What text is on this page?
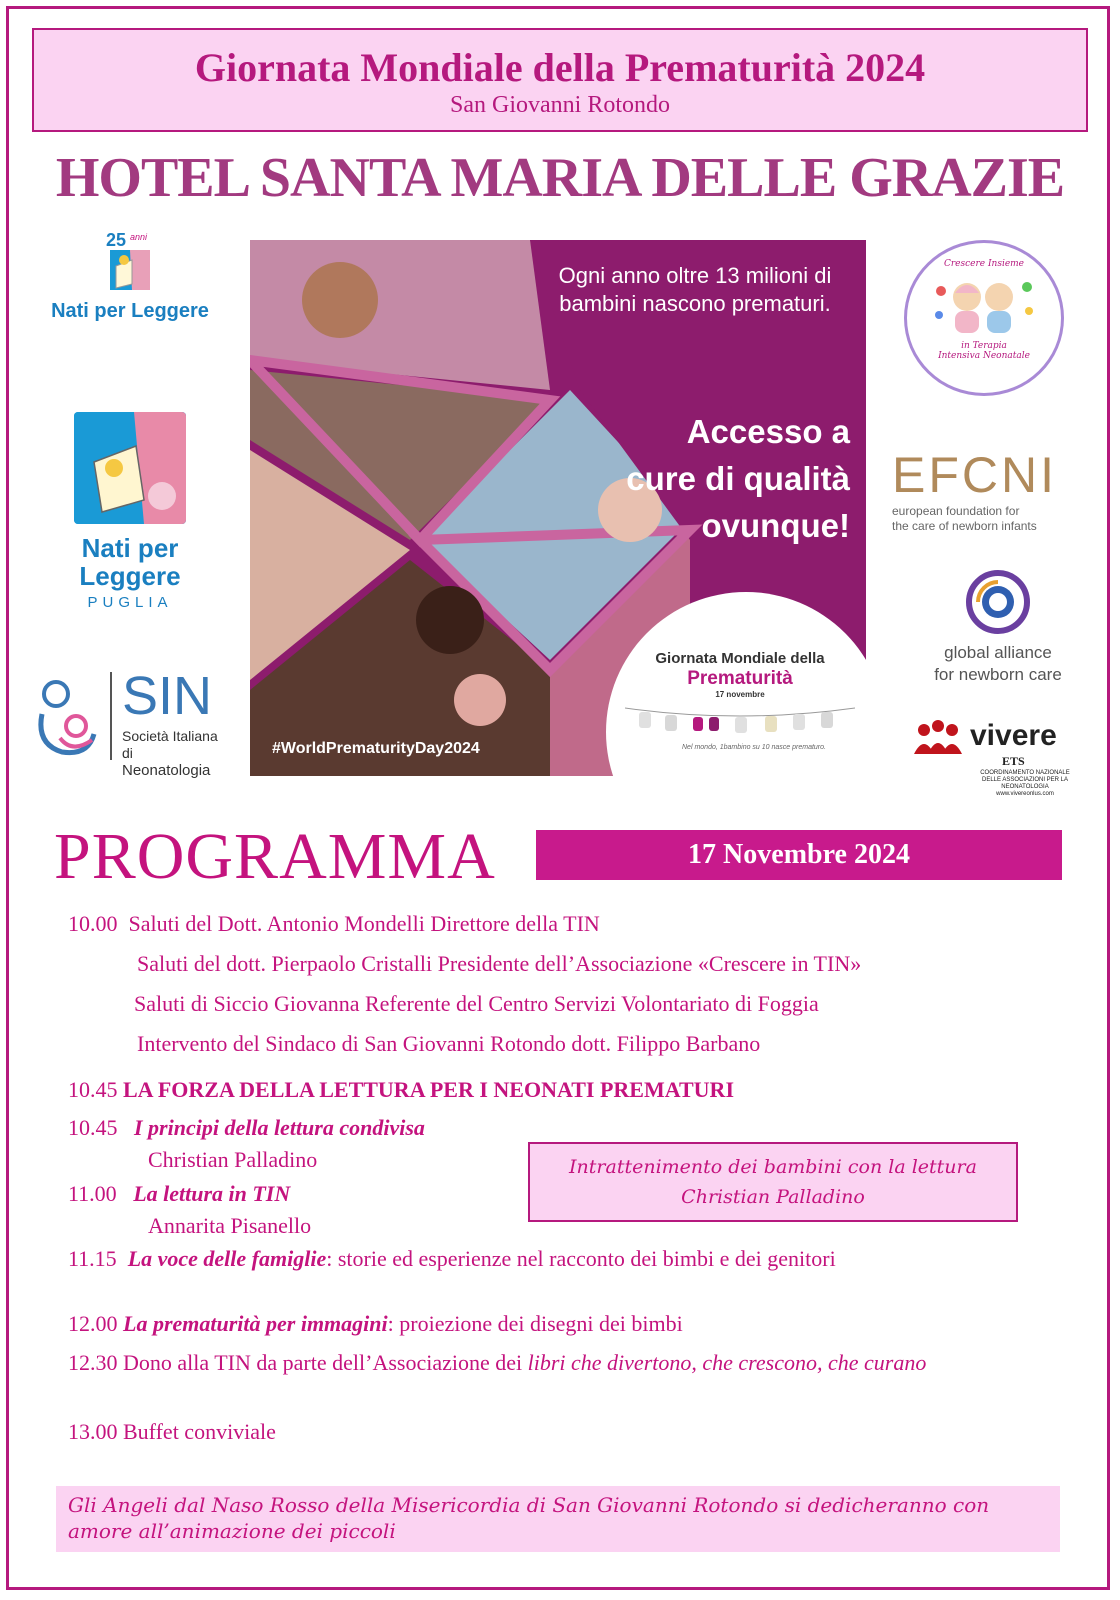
Giornata Mondiale della Prematurità 2024
San Giovanni Rotondo
HOTEL SANTA MARIA DELLE GRAZIE
25 anni
Nati per Leggere
Nati per
Leggere
PUGLIA
SIN
Società Italiana di
Neonatologia
Crescere Insieme
in Terapia
Intensiva Neonatale
EFCNI
european foundation for
the care of newborn infants
global alliance
for newborn care
vivere
ETS
COORDINAMENTO NAZIONALE
DELLE ASSOCIAZIONI PER LA NEONATOLOGIA
www.vivereonlus.com
Ogni anno oltre 13 milioni di
bambini nascono prematuri.
Accesso a
cure di qualità
ovunque!
Giornata Mondiale della
Prematurità
17 novembre
Nel mondo, 1bambino su 10 nasce prematuro.
#WorldPrematurityDay2024
PROGRAMMA	17 Novembre 2024
10.00 Saluti del Dott. Antonio Mondelli Direttore della TIN
Saluti del dott. Pierpaolo Cristalli Presidente dell’Associazione «Crescere in TIN»
Saluti di Siccio Giovanna Referente del Centro Servizi Volontariato di Foggia
Intervento del Sindaco di San Giovanni Rotondo dott. Filippo Barbano
10.45 LA FORZA DELLA LETTURA PER I NEONATI PREMATURI
10.45 I principi della lettura condivisa
Christian Palladino
11.00 La lettura in TIN
Annarita Pisanello
11.15 La voce delle famiglie: storie ed esperienze nel racconto dei bimbi e dei genitori
12.00 La prematurità per immagini: proiezione dei disegni dei bimbi
12.30 Dono alla TIN da parte dell’Associazione dei libri che divertono, che crescono, che curano
13.00 Buffet conviviale
Intrattenimento dei bambini con la lettura
Christian Palladino
Gli Angeli dal Naso Rosso della Misericordia di San Giovanni Rotondo si dedicheranno con amore all’animazione dei piccoli
